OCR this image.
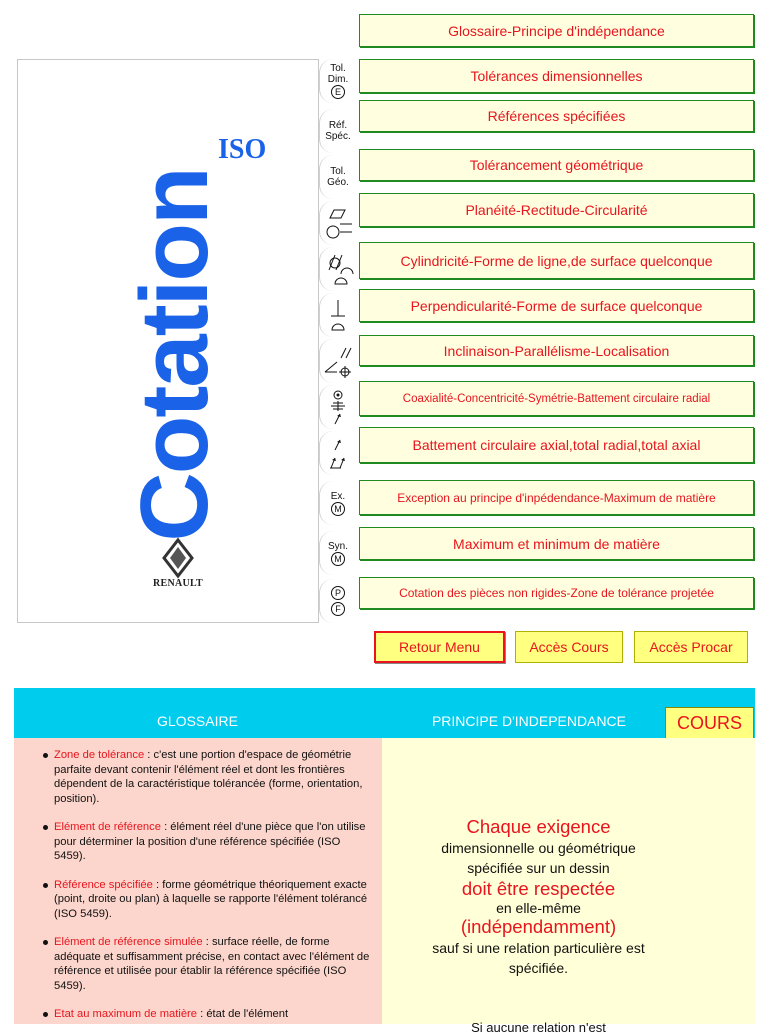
Cotation
ISO
RENAULT
Tol.
Dim.
E
Réf.
Spéc.
Tol.
Géo.
Ex.
M
Syn.
M
P
F
Glossaire-Principe d'indépendance
Tolérances dimensionnelles
Références spécifiées
Tolérancement géométrique
Planéité-Rectitude-Circularité
Cylindricité-Forme de ligne,de surface quelconque
Perpendicularité-Forme de surface quelconque
Inclinaison-Parallélisme-Localisation
Coaxialité-Concentricité-Symétrie-Battement circulaire radial
Battement circulaire axial,total radial,total axial
Exception au principe d'inpédendance-Maximum de matière
Maximum et minimum de matière
Cotation des pièces non rigides-Zone de tolérance projetée
Retour Menu	Accès Cours	Accès Procar
GLOSSAIRE	PRINCIPE D'INDEPENDANCE	COURS
Zone de tolérance : c'est une portion d'espace de géométrie parfaite devant contenir l'élément réel et dont les frontières dépendent de la caractéristique tolérancée (forme, orientation, position).
Elément de référence : élément réel d'une pièce que l'on utilise pour déterminer la position d'une référence spécifiée (ISO 5459).
Référence spécifiée : forme géométrique théoriquement exacte (point, droite ou plan) à laquelle se rapporte l'élément tolérancé (ISO 5459).
Elément de référence simulée : surface réelle, de forme adéquate et suffisamment précise, en contact avec l'élément de référence et utilisée pour établir la référence spécifiée (ISO 5459).
Etat au maximum de matière : état de l'élément
Chaque exigence
dimensionnelle ou géométrique
spécifiée sur un dessin
doit être respectée
en elle-même
(indépendamment)
sauf si une relation particulière est
spécifiée.
Si aucune relation n'est
